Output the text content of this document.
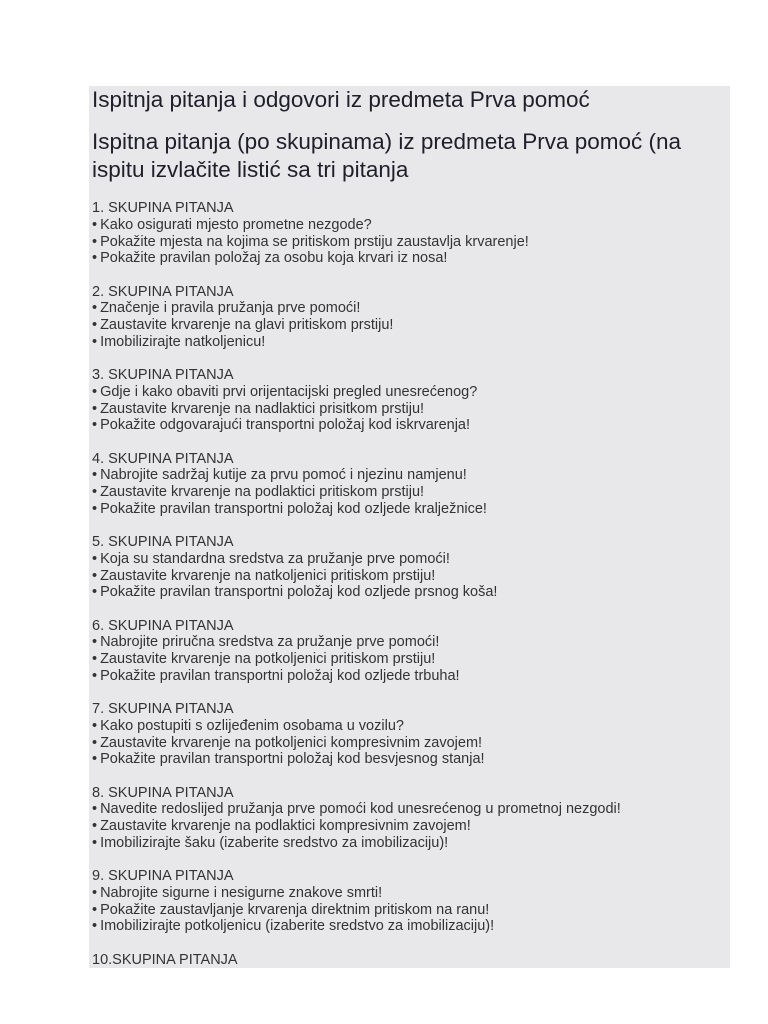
Ispitnja pitanja i odgovori iz predmeta Prva pomoć
Ispitna pitanja (po skupinama) iz predmeta Prva pomoć (na ispitu izvlačite listić sa tri pitanja
1. SKUPINA PITANJA
• Kako osigurati mjesto prometne nezgode?
• Pokažite mjesta na kojima se pritiskom prstiju zaustavlja krvarenje!
• Pokažite pravilan položaj za osobu koja krvari iz nosa!
2. SKUPINA PITANJA
• Značenje i pravila pružanja prve pomoći!
• Zaustavite krvarenje na glavi pritiskom prstiju!
• Imobilizirajte natkoljenicu!
3. SKUPINA PITANJA
• Gdje i kako obaviti prvi orijentacijski pregled unesrećenog?
• Zaustavite krvarenje na nadlaktici prisitkom prstiju!
• Pokažite odgovarajući transportni položaj kod iskrvarenja!
4. SKUPINA PITANJA
• Nabrojite sadržaj kutije za prvu pomoć i njezinu namjenu!
• Zaustavite krvarenje na podlaktici pritiskom prstiju!
• Pokažite pravilan transportni položaj kod ozljede kralježnice!
5. SKUPINA PITANJA
• Koja su standardna sredstva za pružanje prve pomoći!
• Zaustavite krvarenje na natkoljenici pritiskom prstiju!
• Pokažite pravilan transportni položaj kod ozljede prsnog koša!
6. SKUPINA PITANJA
• Nabrojite priručna sredstva za pružanje prve pomoći!
• Zaustavite krvarenje na potkoljenici pritiskom prstiju!
• Pokažite pravilan transportni položaj kod ozljede trbuha!
7. SKUPINA PITANJA
• Kako postupiti s ozlijeđenim osobama u vozilu?
• Zaustavite krvarenje na potkoljenici kompresivnim zavojem!
• Pokažite pravilan transportni položaj kod besvjesnog stanja!
8. SKUPINA PITANJA
• Navedite redoslijed pružanja prve pomoći kod unesrećenog u prometnoj nezgodi!
• Zaustavite krvarenje na podlaktici kompresivnim zavojem!
• Imobilizirajte šaku (izaberite sredstvo za imobilizaciju)!
9. SKUPINA PITANJA
• Nabrojite sigurne i nesigurne znakove smrti!
• Pokažite zaustavljanje krvarenja direktnim pritiskom na ranu!
• Imobilizirajte potkoljenicu (izaberite sredstvo za imobilizaciju)!
10.SKUPINA PITANJA
